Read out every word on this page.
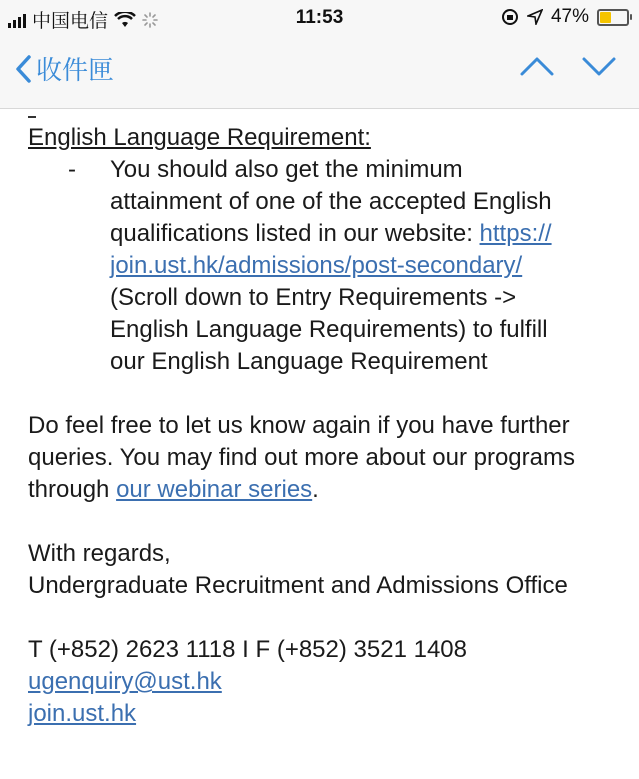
中国电信	11:53	47%
收件匣

English Language Requirement:

- You should also get the minimum
attainment of one of the accepted English
qualifications listed in our website: https://
join.ust.hk/admissions/post-secondary/
(Scroll down to Entry Requirements ->
English Language Requirements) to fulfill
our English Language Requirement
Do feel free to let us know again if you have further
queries. You may find out more about our programs
through our webinar series.
With regards,
Undergraduate Recruitment and Admissions Office
T (+852) 2623 1118 I F (+852) 3521 1408
ugenquiry@ust.hk
join.ust.hk
